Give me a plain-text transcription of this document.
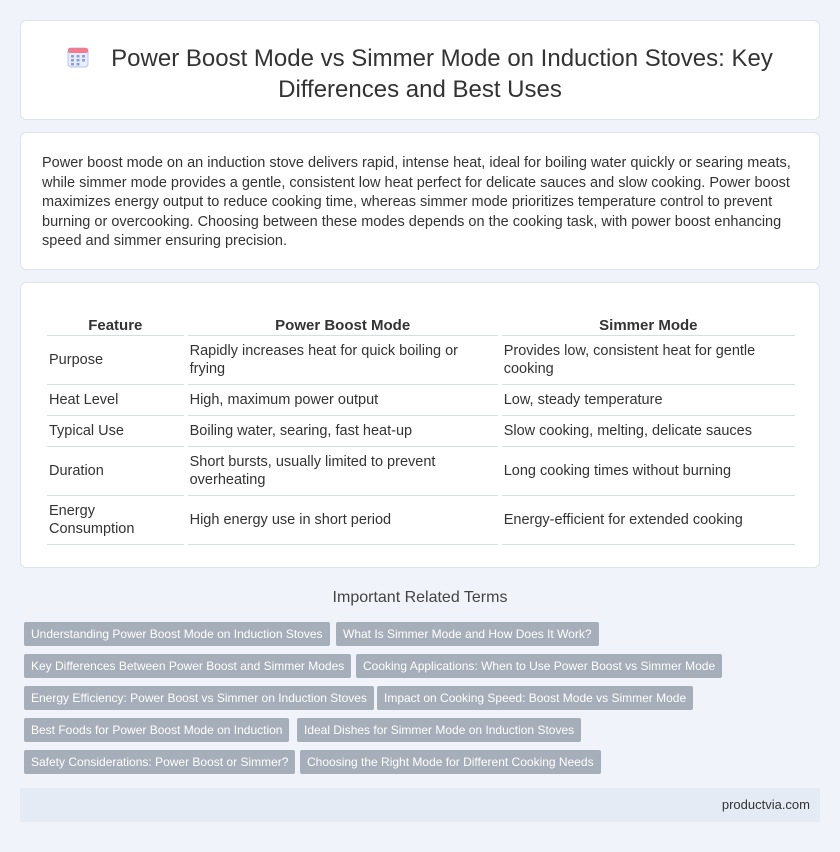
Power Boost Mode vs Simmer Mode on Induction Stoves: Key Differences and Best Uses

Power boost mode on an induction stove delivers rapid, intense heat, ideal for boiling water quickly or searing meats, while simmer mode provides a gentle, consistent low heat perfect for delicate sauces and slow cooking. Power boost maximizes energy output to reduce cooking time, whereas simmer mode prioritizes temperature control to prevent burning or overcooking. Choosing between these modes depends on the cooking task, with power boost enhancing speed and simmer ensuring precision.

Feature	Power Boost Mode	Simmer Mode
Purpose	Rapidly increases heat for quick boiling or frying	Provides low, consistent heat for gentle cooking
Heat Level	High, maximum power output	Low, steady temperature
Typical Use	Boiling water, searing, fast heat-up	Slow cooking, melting, delicate sauces
Duration	Short bursts, usually limited to prevent overheating	Long cooking times without burning
Energy Consumption	High energy use in short period	Energy-efficient for extended cooking
Important Related Terms
Understanding Power Boost Mode on Induction Stoves	What Is Simmer Mode and How Does It Work?
Key Differences Between Power Boost and Simmer Modes	Cooking Applications: When to Use Power Boost vs Simmer Mode
Energy Efficiency: Power Boost vs Simmer on Induction Stoves	Impact on Cooking Speed: Boost Mode vs Simmer Mode
Best Foods for Power Boost Mode on Induction	Ideal Dishes for Simmer Mode on Induction Stoves
Safety Considerations: Power Boost or Simmer?	Choosing the Right Mode for Different Cooking Needs
productvia.com
